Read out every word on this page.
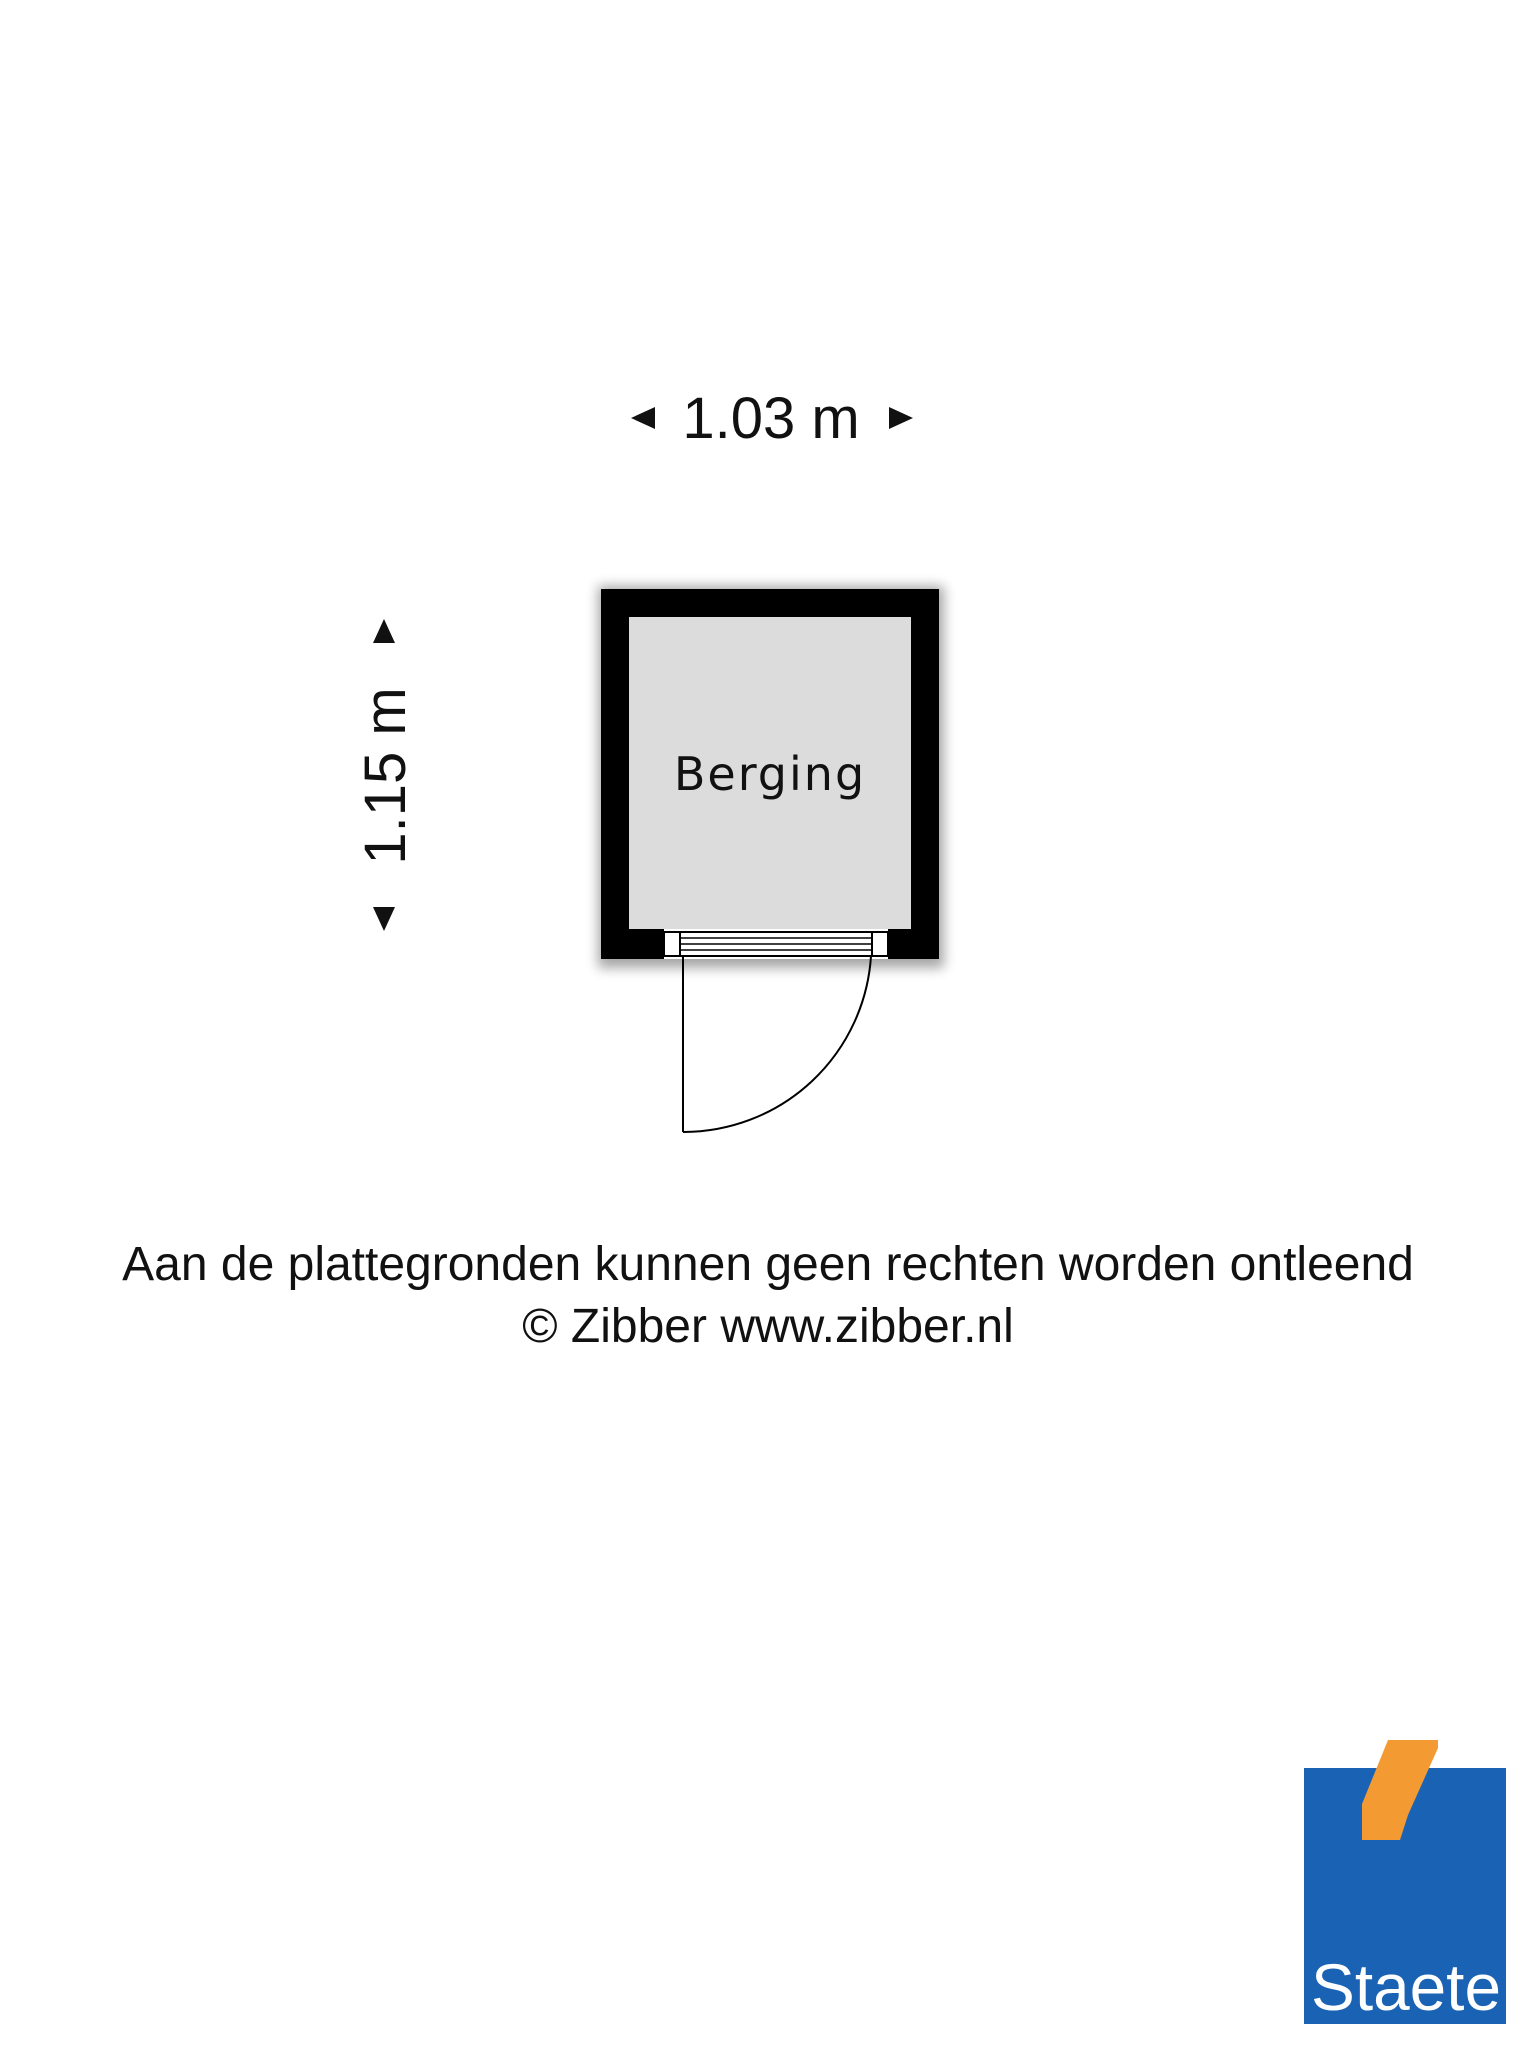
1.03 m
1.15 m	Berging
Aan de plattegronden kunnen geen rechten worden ontleend
© Zibber www.zibber.nl
Staete
